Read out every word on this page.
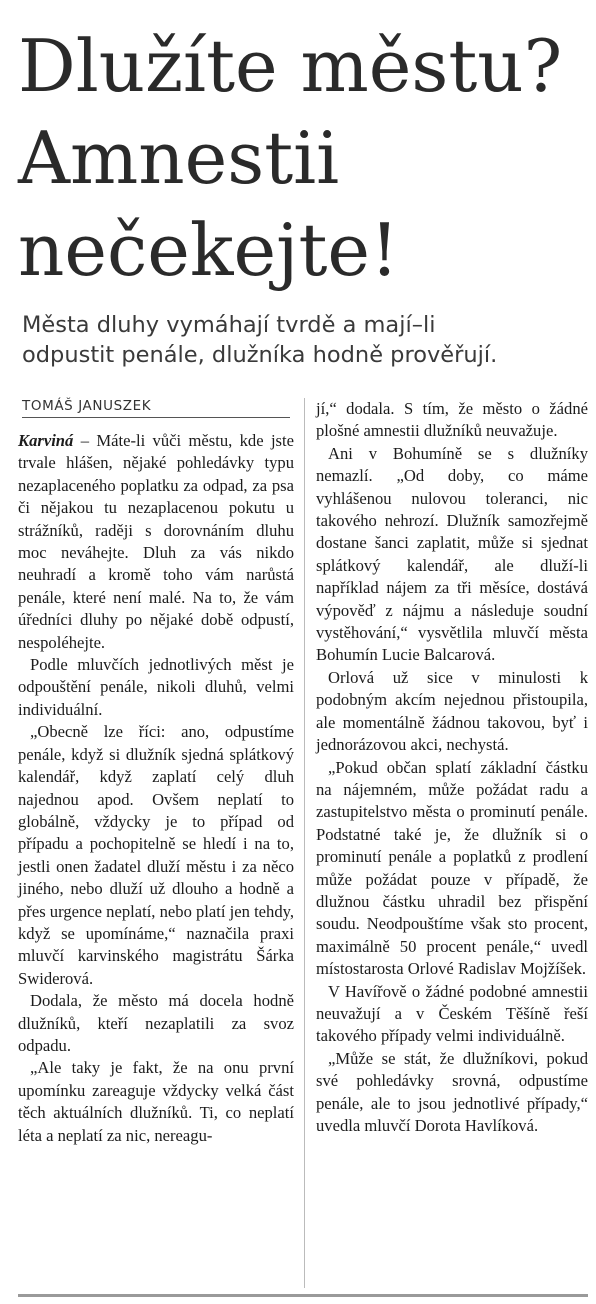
Dlužíte městu?
Amnestii
nečekejte!
Města dluhy vymáhají tvrdě a mají–li
odpustit penále, dlužníka hodně prověřují.
TOMÁŠ JANUSZEK

Karviná – Máte-li vůči městu, kde jste trvale hlášen, nějaké pohledávky typu nezaplaceného poplatku za odpad, za psa či nějakou tu nezaplacenou pokutu u strážníků, raději s dorovnáním dluhu moc neváhejte. Dluh za vás nikdo neuhradí a kromě toho vám narůstá penále, které není malé. Na to, že vám úředníci dluhy po nějaké době odpustí, nespoléhejte.

Podle mluvčích jednotlivých měst je odpouštění penále, nikoli dluhů, velmi individuální.

„Obecně lze říci: ano, odpustíme penále, když si dlužník sjedná splátkový kalendář, když zaplatí celý dluh najednou apod. Ovšem neplatí to globálně, vždycky je to případ od případu a pochopitelně se hledí i na to, jestli onen žadatel dluží městu i za něco jiného, nebo dluží už dlouho a hodně a přes urgence neplatí, nebo platí jen tehdy, když se upomínáme,“ naznačila praxi mluvčí karvinského magistrátu Šárka Swiderová.

Dodala, že město má docela hodně dlužníků, kteří nezaplatili za svoz odpadu.

„Ale taky je fakt, že na onu první upomínku zareaguje vždycky velká část těch aktuálních dlužníků. Ti, co neplatí léta a neplatí za nic, nereagu-

jí,“ dodala. S tím, že město o žádné plošné amnestii dlužníků neuvažuje.

Ani v Bohumíně se s dlužníky nemazlí. „Od doby, co máme vyhlášenou nulovou toleranci, nic takového nehrozí. Dlužník samozřejmě dostane šanci zaplatit, může si sjednat splátkový kalendář, ale dluží-li například nájem za tři měsíce, dostává výpověď z nájmu a následuje soudní vystěhování,“ vysvětlila mluvčí města Bohumín Lucie Balcarová.

Orlová už sice v minulosti k podobným akcím nejednou přistoupila, ale momentálně žádnou takovou, byť i jednorázovou akci, nechystá.

„Pokud občan splatí základní částku na nájemném, může požádat radu a zastupitelstvo města o prominutí penále. Podstatné také je, že dlužník si o prominutí penále a poplatků z prodlení může požádat pouze v případě, že dlužnou částku uhradil bez přispění soudu. Neodpouštíme však sto procent, maximálně 50 procent penále,“ uvedl místostarosta Orlové Radislav Mojžíšek.

V Havířově o žádné podobné amnestii neuvažují a v Českém Těšíně řeší takového případy velmi individuálně.

„Může se stát, že dlužníkovi, pokud své pohledávky srovná, odpustíme penále, ale to jsou jednotlivé případy,“ uvedla mluvčí Dorota Havlíková.
